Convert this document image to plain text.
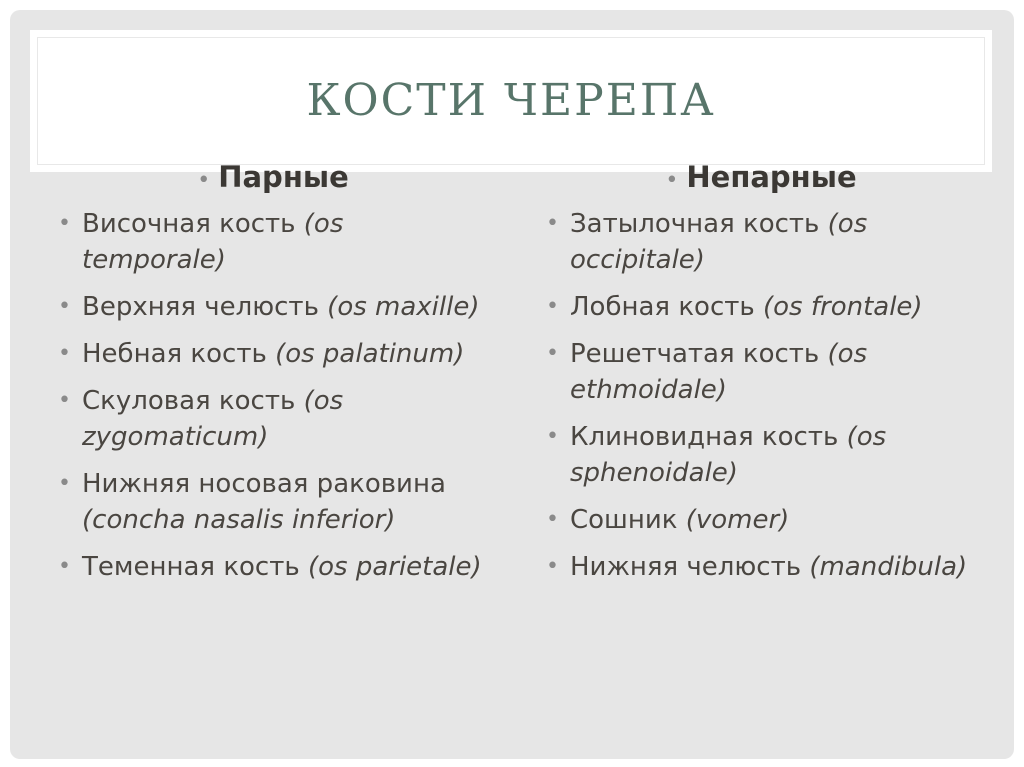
КОСТИ ЧЕРЕПА
• Парные
• Височная кость (os temporale)
• Верхняя челюсть (os maxille)
• Небная кость (os palatinum)
• Скуловая кость (os zygomaticum)
• Нижняя носовая раковина (concha nasalis inferior)
• Теменная кость (os parietale)
• Непарные
• Затылочная кость (os occipitale)
• Лобная кость (os frontale)
• Решетчатая кость (os ethmoidale)
• Клиновидная кость (os sphenoidale)
• Сошник (vomer)
• Нижняя челюсть (mandibula)
